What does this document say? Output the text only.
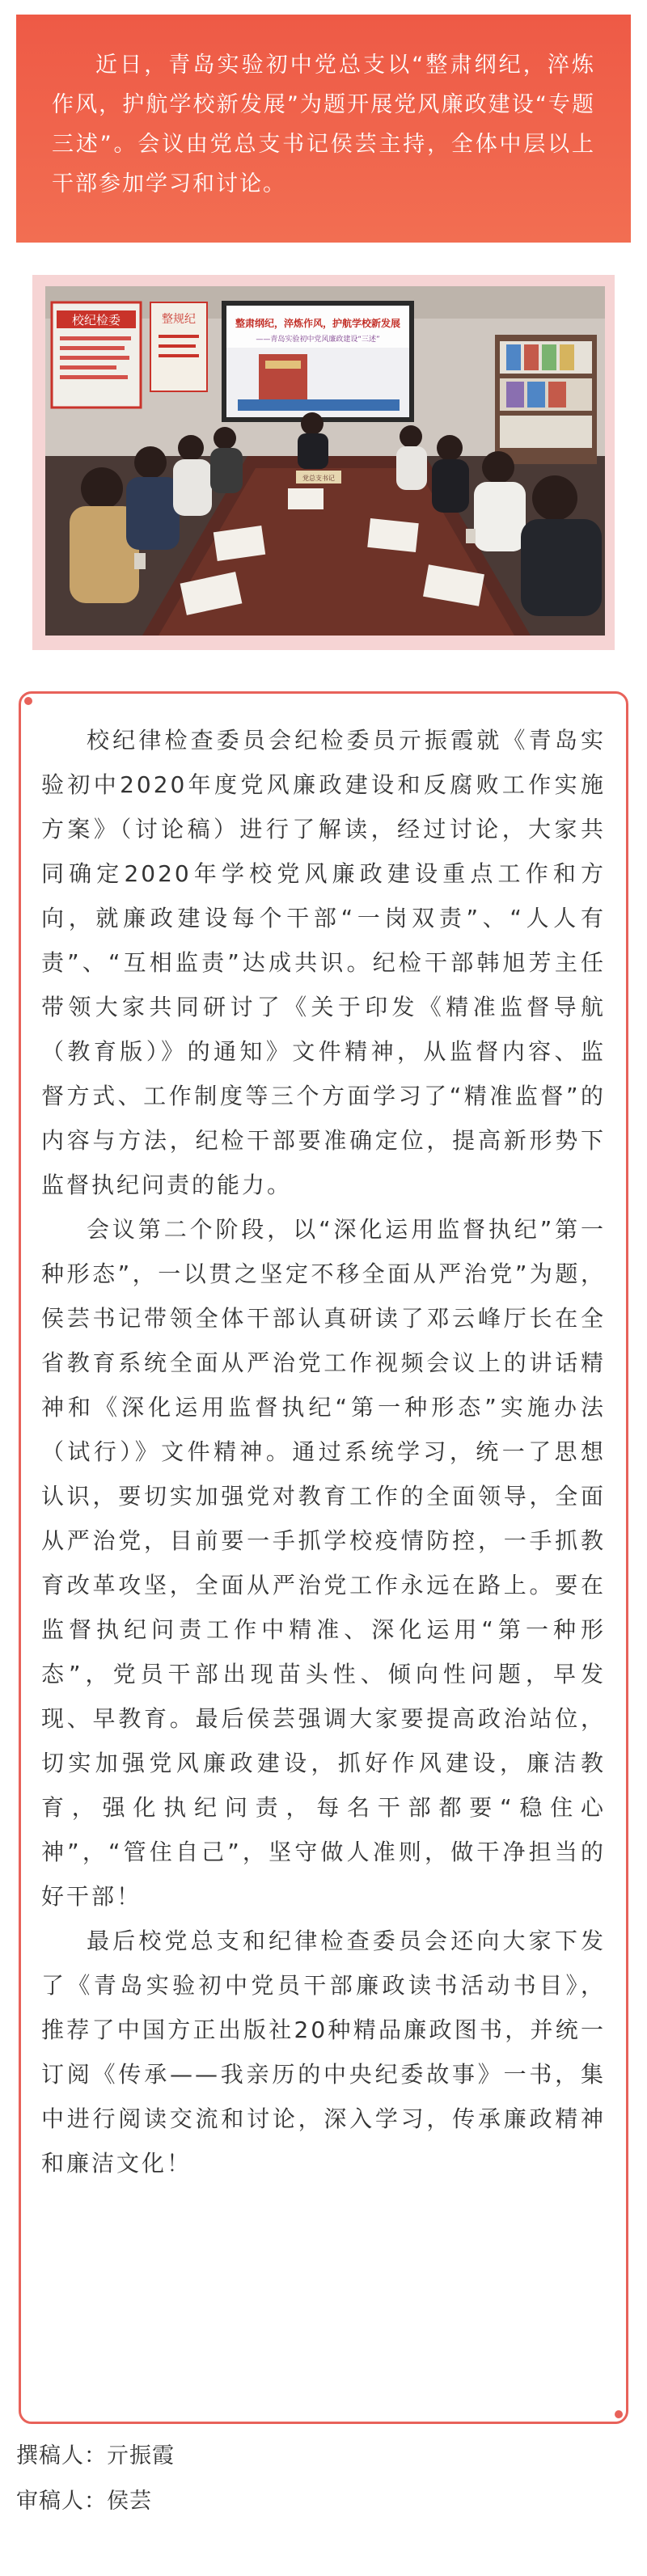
近日，青岛实验初中党总支以“整肃纲纪，淬炼作风，护航学校新发展”为题开展党风廉政建设“专题三述”。会议由党总支书记侯芸主持，全体中层以上干部参加学习和讨论。

校纪检委	整规纪	整肃纲纪，淬炼作风，护航学校新发展
——青岛实验初中党风廉政建设“三述”
党总支书记

校纪律检查委员会纪检委员亓振霞就《青岛实验初中2020年度党风廉政建设和反腐败工作实施方案》（讨论稿）进行了解读，经过讨论，大家共同确定2020年学校党风廉政建设重点工作和方向，就廉政建设每个干部“一岗双责”、“人人有责”、“互相监责”达成共识。纪检干部韩旭芳主任带领大家共同研讨了《关于印发《精准监督导航（教育版）》的通知》文件精神，从监督内容、监督方式、工作制度等三个方面学习了“精准监督”的内容与方法，纪检干部要准确定位，提高新形势下监督执纪问责的能力。

会议第二个阶段，以“深化运用监督执纪”第一种形态”，一以贯之坚定不移全面从严治党”为题，侯芸书记带领全体干部认真研读了邓云峰厅长在全省教育系统全面从严治党工作视频会议上的讲话精神和《深化运用监督执纪“第一种形态”实施办法（试行）》文件精神。通过系统学习，统一了思想认识，要切实加强党对教育工作的全面领导，全面从严治党，目前要一手抓学校疫情防控，一手抓教育改革攻坚，全面从严治党工作永远在路上。要在监督执纪问责工作中精准、深化运用“第一种形态”，党员干部出现苗头性、倾向性问题，早发现、早教育。最后侯芸强调大家要提高政治站位，切实加强党风廉政建设，抓好作风建设，廉洁教育，强化执纪问责，每名干部都要“稳住心神”，“管住自己”，坚守做人准则，做干净担当的好干部！

最后校党总支和纪律检查委员会还向大家下发了《青岛实验初中党员干部廉政读书活动书目》，推荐了中国方正出版社20种精品廉政图书，并统一订阅《传承——我亲历的中央纪委故事》一书，集中进行阅读交流和讨论，深入学习，传承廉政精神和廉洁文化！

撰稿人：亓振霞
审稿人：侯芸
